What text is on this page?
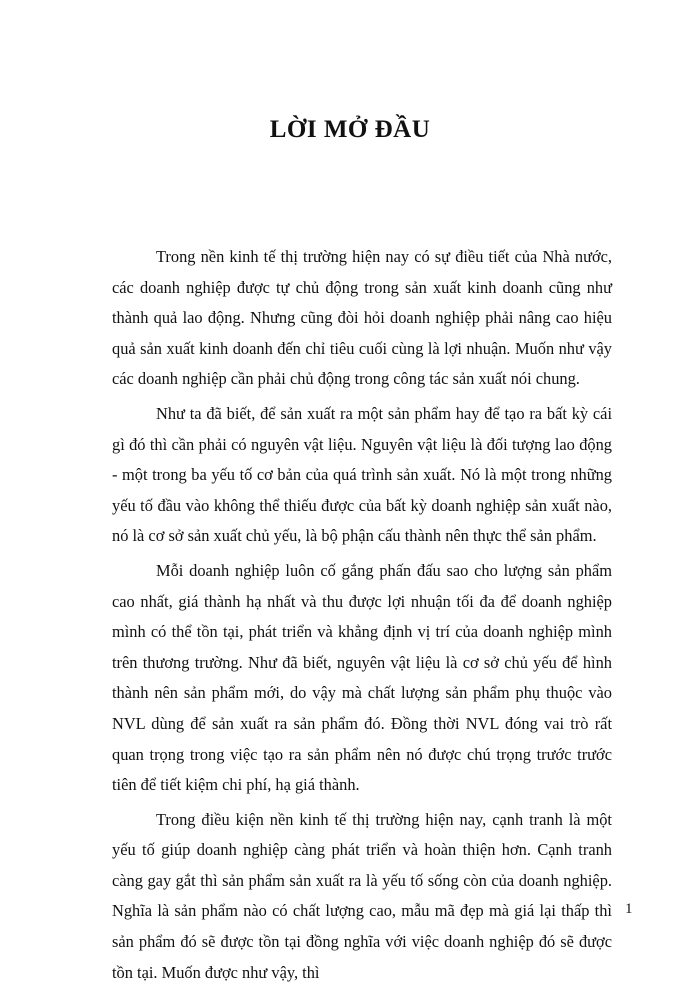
LỜI MỞ ĐẦU

Trong nền kinh tế thị trường hiện nay có sự điều tiết của Nhà nước, các doanh nghiệp được tự chủ động trong sản xuất kinh doanh cũng như thành quả lao động. Nhưng cũng đòi hỏi doanh nghiệp phải nâng cao hiệu quả sản xuất kinh doanh đến chỉ tiêu cuối cùng là lợi nhuận. Muốn như vậy các doanh nghiệp cần phải chủ động trong công tác sản xuất nói chung.

Như ta đã biết, để sản xuất ra một sản phẩm hay để tạo ra bất kỳ cái gì đó thì cần phải có nguyên vật liệu. Nguyên vật liệu là đối tượng lao động - một trong ba yếu tố cơ bản của quá trình sản xuất. Nó là một trong những yếu tố đầu vào không thể thiếu được của bất kỳ doanh nghiệp sản xuất nào, nó là cơ sở sản xuất chủ yếu, là bộ phận cấu thành nên thực thể sản phẩm.

Mỗi doanh nghiệp luôn cố gắng phấn đấu sao cho lượng sản phẩm cao nhất, giá thành hạ nhất và thu được lợi nhuận tối đa để doanh nghiệp mình có thể tồn tại, phát triển và khẳng định vị trí của doanh nghiệp mình trên thương trường. Như đã biết, nguyên vật liệu là cơ sở chủ yếu để hình thành nên sản phẩm mới, do vậy mà chất lượng sản phẩm phụ thuộc vào NVL dùng để sản xuất ra sản phẩm đó. Đồng thời NVL đóng vai trò rất quan trọng trong việc tạo ra sản phẩm nên nó được chú trọng trước trước tiên để tiết kiệm chi phí, hạ giá thành.

Trong điều kiện nền kinh tế thị trường hiện nay, cạnh tranh là một yếu tố giúp doanh nghiệp càng phát triển và hoàn thiện hơn. Cạnh tranh càng gay gắt thì sản phẩm sản xuất ra là yếu tố sống còn của doanh nghiệp. Nghĩa là sản phẩm nào có chất lượng cao, mẫu mã đẹp mà giá lại thấp thì sản phẩm đó sẽ được tồn tại đồng nghĩa với việc doanh nghiệp đó sẽ được tồn tại. Muốn được như vậy, thì

1
